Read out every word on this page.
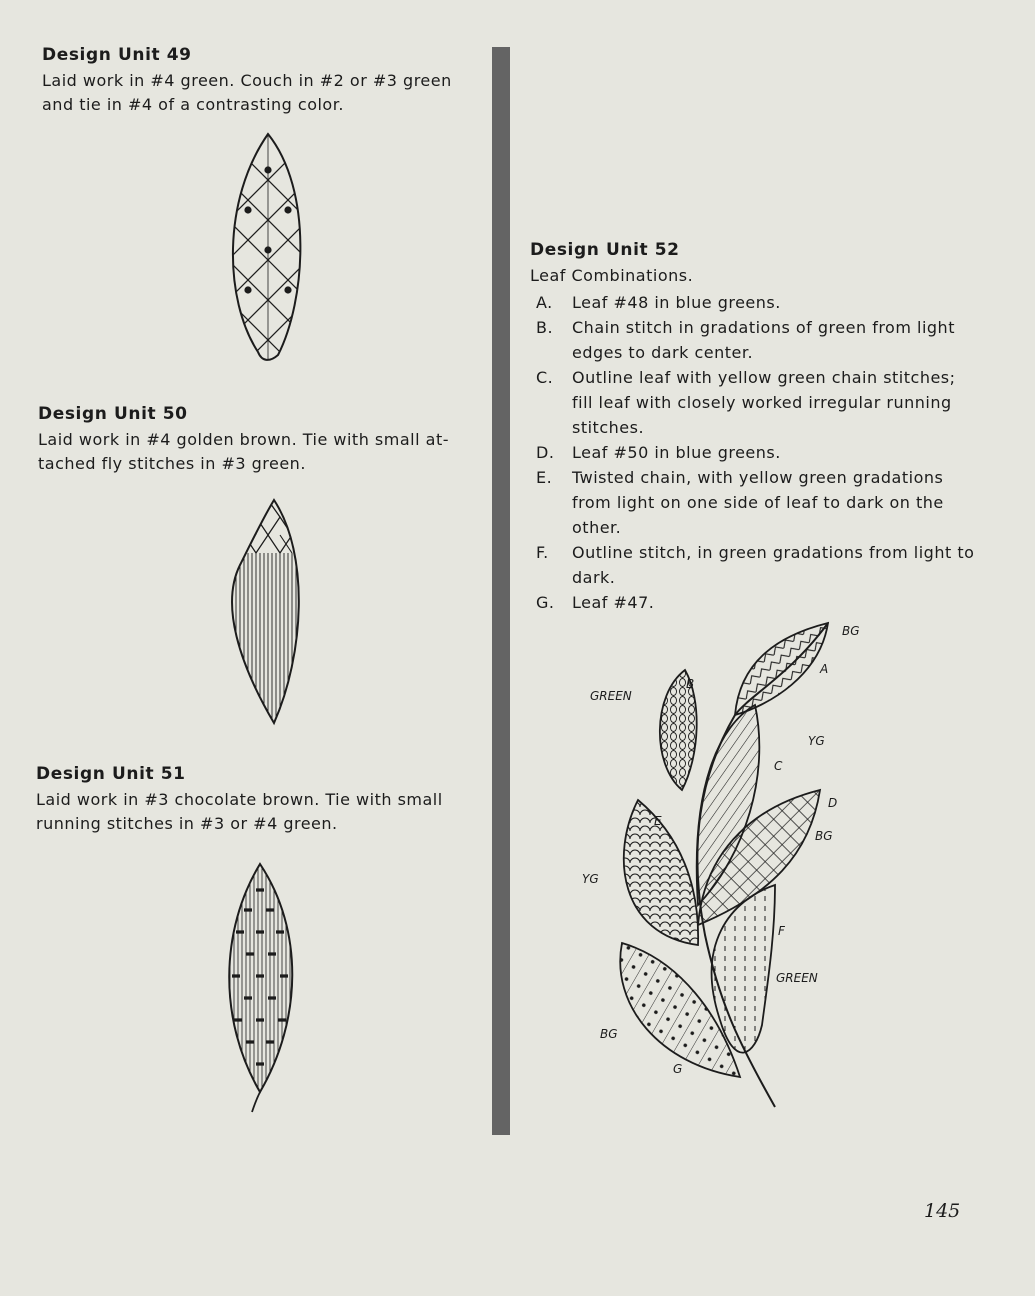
Design Unit 49

Laid work in #4 green. Couch in #2 or #3 green

and tie in #4 of a contrasting color.

Design Unit 50

Laid work in #4 golden brown. Tie with small at-

tached fly stitches in #3 green.

Design Unit 51

Laid work in #3 chocolate brown. Tie with small

running stitches in #3 or #4 green.

Design Unit 52

Leaf Combinations.

A. Leaf #48 in blue greens.
B. Chain stitch in gradations of green from light edges to dark center.
C. Outline leaf with yellow green chain stitches; fill leaf with closely worked irregular running stitches.
D. Leaf #50 in blue greens.
E. Twisted chain, with yellow green gradations from light on one side of leaf to dark on the other.
F. Outline stitch, in green gradations from light to dark.
G. Leaf #47.
BG
A
GREEN
B
YG
C
D
BG
E
YG
F
GREEN
BG
G
145
